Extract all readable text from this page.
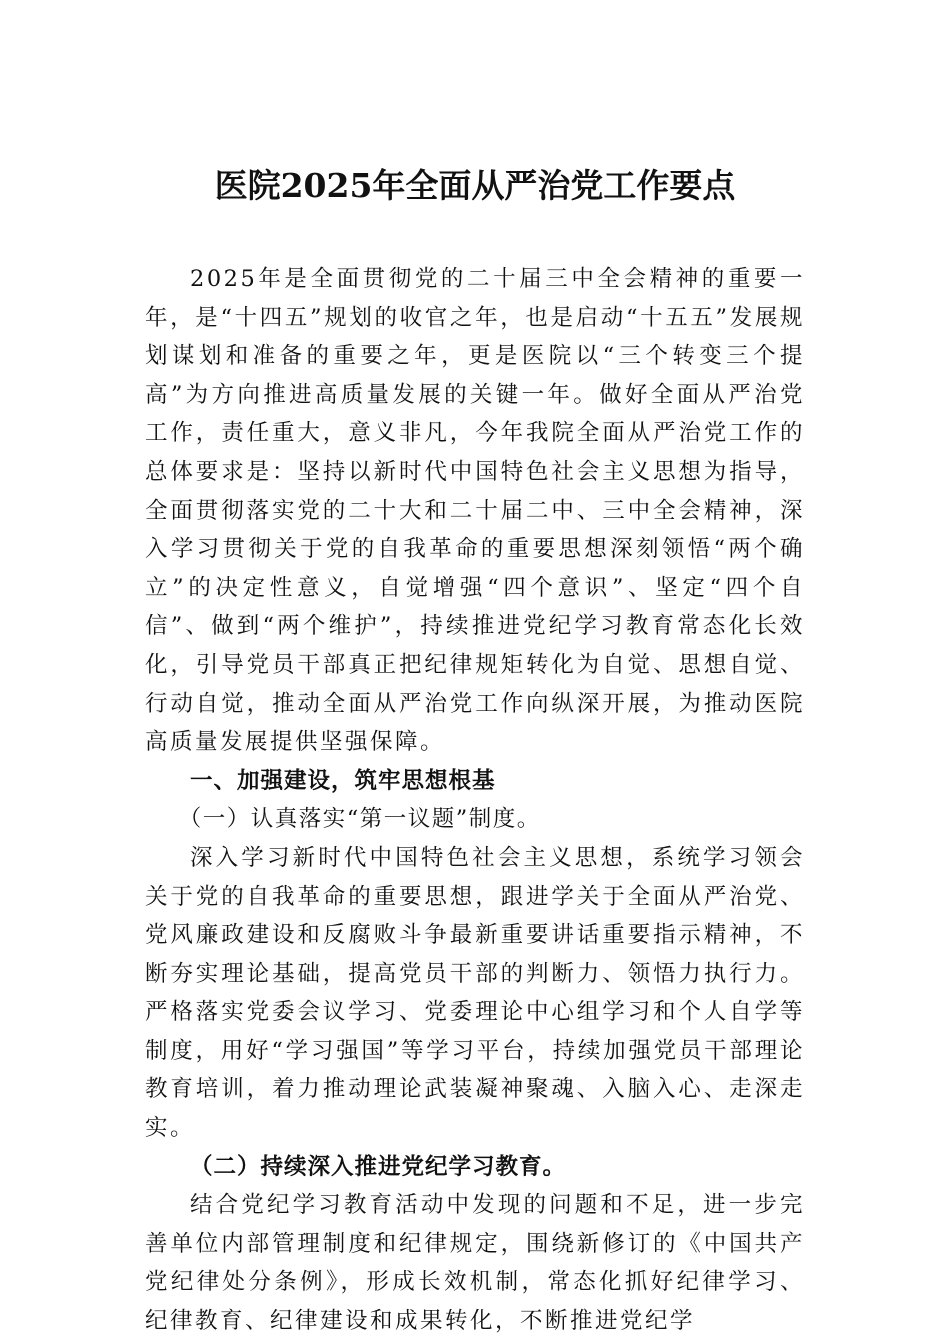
医院2025年全面从严治党工作要点

2025年是全面贯彻党的二十届三中全会精神的重要一年，是“十四五”规划的收官之年，也是启动“十五五”发展规划谋划和准备的重要之年，更是医院以“三个转变三个提高”为方向推进高质量发展的关键一年。做好全面从严治党工作，责任重大，意义非凡，今年我院全面从严治党工作的总体要求是：坚持以新时代中国特色社会主义思想为指导，全面贯彻落实党的二十大和二十届二中、三中全会精神，深入学习贯彻关于党的自我革命的重要思想深刻领悟“两个确立”的决定性意义，自觉增强“四个意识”、坚定“四个自信”、做到“两个维护”，持续推进党纪学习教育常态化长效化，引导党员干部真正把纪律规矩转化为自觉、思想自觉、行动自觉，推动全面从严治党工作向纵深开展，为推动医院高质量发展提供坚强保障。

一、加强建设，筑牢思想根基

（一）认真落实“第一议题”制度。

深入学习新时代中国特色社会主义思想，系统学习领会关于党的自我革命的重要思想，跟进学关于全面从严治党、党风廉政建设和反腐败斗争最新重要讲话重要指示精神，不断夯实理论基础，提高党员干部的判断力、领悟力执行力。严格落实党委会议学习、党委理论中心组学习和个人自学等制度，用好“学习强国”等学习平台，持续加强党员干部理论教育培训，着力推动理论武装凝神聚魂、入脑入心、走深走实。

（二）持续深入推进党纪学习教育。

结合党纪学习教育活动中发现的问题和不足，进一步完善单位内部管理制度和纪律规定，围绕新修订的《中国共产党纪律处分条例》，形成长效机制，常态化抓好纪律学习、纪律教育、纪律建设和成果转化，不断推进党纪学
